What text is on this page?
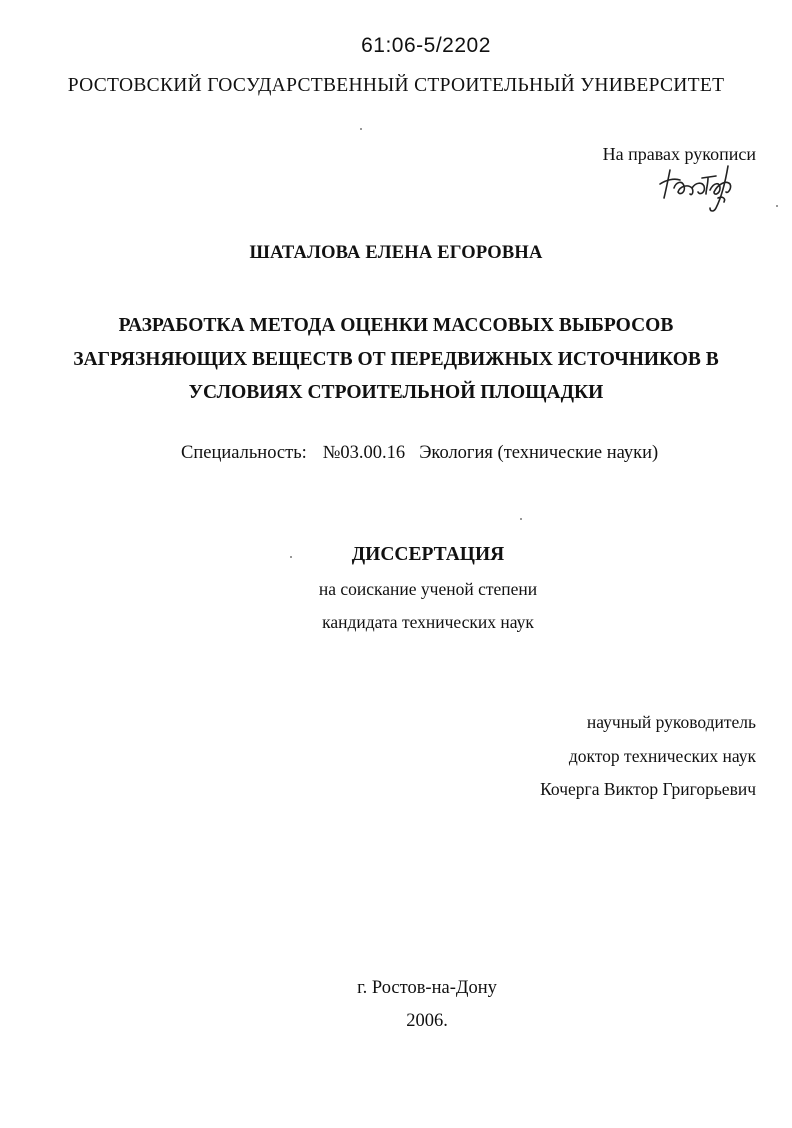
61:06-5/2202
РОСТОВСКИЙ ГОСУДАРСТВЕННЫЙ СТРОИТЕЛЬНЫЙ УНИВЕРСИТЕТ
На правах рукописи
ШАТАЛОВА ЕЛЕНА ЕГОРОВНА
РАЗРАБОТКА МЕТОДА ОЦЕНКИ МАССОВЫХ ВЫБРОСОВ
ЗАГРЯЗНЯЮЩИХ ВЕЩЕСТВ ОТ ПЕРЕДВИЖНЫХ ИСТОЧНИКОВ В
УСЛОВИЯХ СТРОИТЕЛЬНОЙ ПЛОЩАДКИ
Специальность: №03.00.16 Экология (технические науки)
ДИССЕРТАЦИЯ
на соискание ученой степени
кандидата технических наук
научный руководитель
доктор технических наук
Кочерга Виктор Григорьевич
г. Ростов-на-Дону
2006.
